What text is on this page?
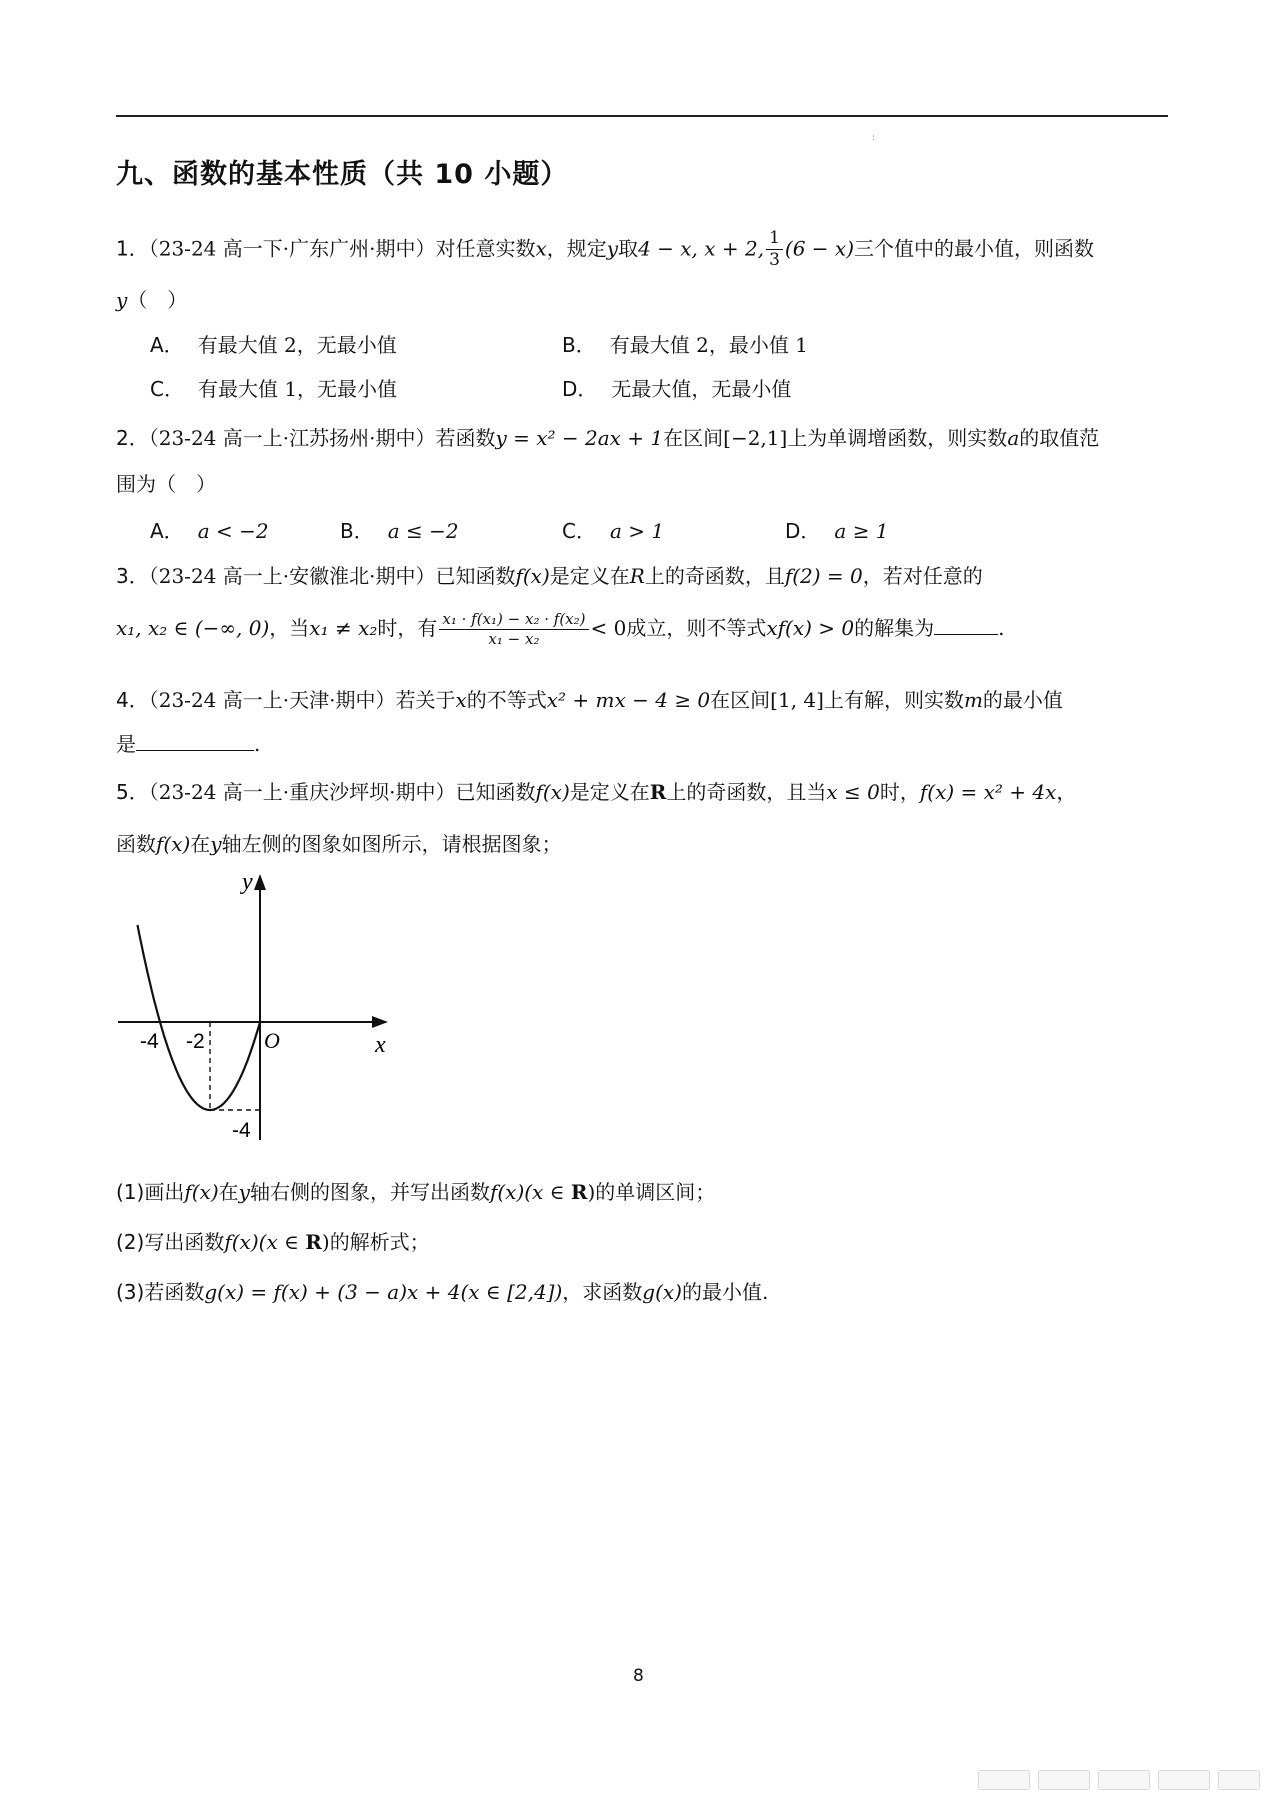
:
九、函数的基本性质（共 10 小题）
1．（23-24 高一下·广东广州·期中）对任意实数x，规定y取4 − x, x + 2, $\frac{1}{3} (6 - x)$三个值中的最小值，则函数
y（　）
A． 有最大值 2，无最小值	B． 有最大值 2，最小值 1
C． 有最大值 1，无最小值	D． 无最大值，无最小值
2．（23-24 高一上·江苏扬州·期中）若函数y = x² − 2ax + 1在区间[−2,1]上为单调增函数，则实数a的取值范
围为（　）
A． a < −2	B． a ≤ −2	C． a > 1	D． a ≥ 1
3．（23-24 高一上·安徽淮北·期中）已知函数f(x)是定义在R上的奇函数，且f(2) = 0，若对任意的
x₁, x₂ ∈ (−∞, 0)，当x₁ ≠ x₂时，有 $\frac{\text{x₁ · f(x₁) − x₂ · f(x₂)}}{\text{x₁ − x₂}} < 0$成立，则不等式xf(x) > 0的解集为	.
4．（23-24 高一上·天津·期中）若关于x的不等式x² + mx − 4 ≥ 0在区间[1, 4]上有解，则实数m的最小值
是	.
5．（23-24 高一上·重庆沙坪坝·期中）已知函数f(x)是定义在R上的奇函数，且当x ≤ 0时，f(x) = x² + 4x，
函数f(x)在y轴左侧的图象如图所示，请根据图象；
y
x
O
-4 -2
-4
(1)画出f(x)在y轴右侧的图象，并写出函数f(x)(x ∈ R)的单调区间；
(2)写出函数f(x)(x ∈ R)的解析式；
(3)若函数g(x) = f(x) + (3 − a)x + 4(x ∈ [2,4])，求函数g(x)的最小值.
8
